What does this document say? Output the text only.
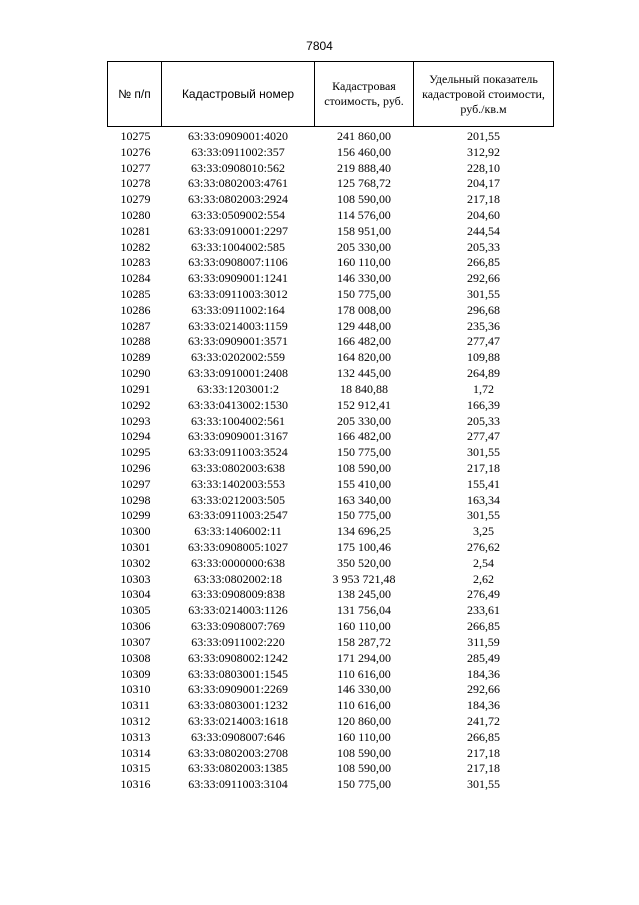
7804
№ п/п	Кадастровый номер	Кадастровая стоимость, руб.	Удельный показатель кадастровой стоимости, руб./кв.м
10275	63:33:0909001:4020	241 860,00	201,55
10276	63:33:0911002:357	156 460,00	312,92
10277	63:33:0908010:562	219 888,40	228,10
10278	63:33:0802003:4761	125 768,72	204,17
10279	63:33:0802003:2924	108 590,00	217,18
10280	63:33:0509002:554	114 576,00	204,60
10281	63:33:0910001:2297	158 951,00	244,54
10282	63:33:1004002:585	205 330,00	205,33
10283	63:33:0908007:1106	160 110,00	266,85
10284	63:33:0909001:1241	146 330,00	292,66
10285	63:33:0911003:3012	150 775,00	301,55
10286	63:33:0911002:164	178 008,00	296,68
10287	63:33:0214003:1159	129 448,00	235,36
10288	63:33:0909001:3571	166 482,00	277,47
10289	63:33:0202002:559	164 820,00	109,88
10290	63:33:0910001:2408	132 445,00	264,89
10291	63:33:1203001:2	18 840,88	1,72
10292	63:33:0413002:1530	152 912,41	166,39
10293	63:33:1004002:561	205 330,00	205,33
10294	63:33:0909001:3167	166 482,00	277,47
10295	63:33:0911003:3524	150 775,00	301,55
10296	63:33:0802003:638	108 590,00	217,18
10297	63:33:1402003:553	155 410,00	155,41
10298	63:33:0212003:505	163 340,00	163,34
10299	63:33:0911003:2547	150 775,00	301,55
10300	63:33:1406002:11	134 696,25	3,25
10301	63:33:0908005:1027	175 100,46	276,62
10302	63:33:0000000:638	350 520,00	2,54
10303	63:33:0802002:18	3 953 721,48	2,62
10304	63:33:0908009:838	138 245,00	276,49
10305	63:33:0214003:1126	131 756,04	233,61
10306	63:33:0908007:769	160 110,00	266,85
10307	63:33:0911002:220	158 287,72	311,59
10308	63:33:0908002:1242	171 294,00	285,49
10309	63:33:0803001:1545	110 616,00	184,36
10310	63:33:0909001:2269	146 330,00	292,66
10311	63:33:0803001:1232	110 616,00	184,36
10312	63:33:0214003:1618	120 860,00	241,72
10313	63:33:0908007:646	160 110,00	266,85
10314	63:33:0802003:2708	108 590,00	217,18
10315	63:33:0802003:1385	108 590,00	217,18
10316	63:33:0911003:3104	150 775,00	301,55
